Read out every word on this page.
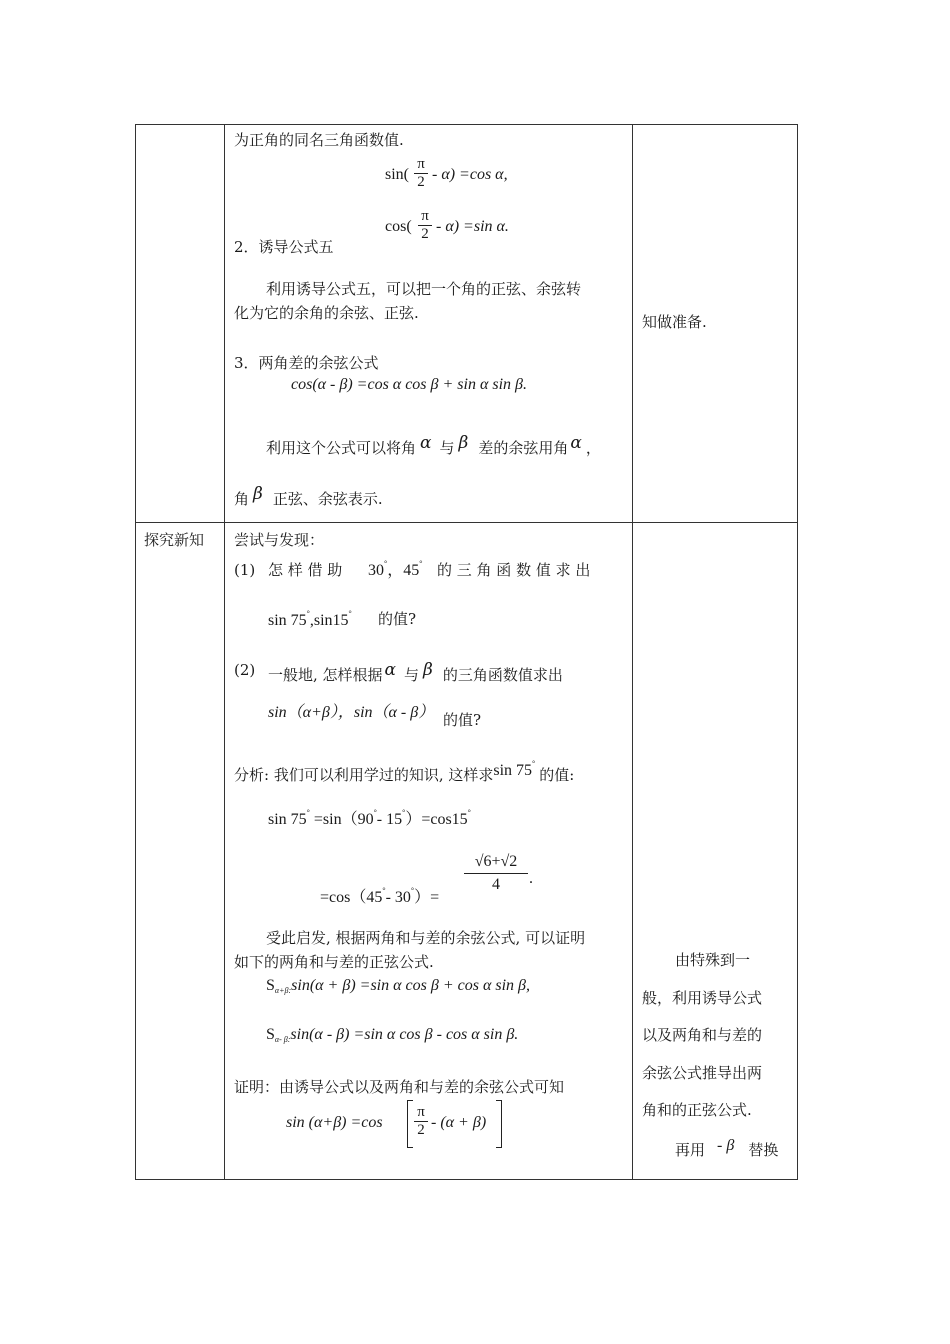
为正角的同名三角函数值.
sin(
π
2 - α) =cos α,
cos(
π
2 - α) =sin α.
2．诱导公式五
利用诱导公式五，可以把一个角的正弦、余弦转
化为它的余角的余弦、正弦.
3．两角差的余弦公式
cos(α - β) =cos α cos β + sin α sin β.
利用这个公式可以将角 α 与 β 差的余弦用角 α ，
角 β 正弦、余弦表示.
知做准备.
探究新知 尝试与发现：
(1) 怎 样 借 助 30°，45° 的 三 角 函 数 值 求 出
sin 75°,sin15° 的值?
(2) 一般地, 怎样根据 α 与 β 的三角函数值求出
sin（α+β），sin（α - β） 的值?
分析: 我们可以利用学过的知识, 这样求sin 75°的值:
sin 75° =sin（90°- 15°）=cos15°
=cos（45°- 30°）=
√6+√2
4	.
受此启发, 根据两角和与差的余弦公式, 可以证明
如下的两角和与差的正弦公式.
$S_{\alpha+\beta:}\sin(\alpha + \beta) =\sin$ α cos β + cos α sin β,
$S_{\alpha- \beta:}\sin(\alpha - \beta) =\sin$ α cos β - cos α sin β.
证明：由诱导公式以及两角和与差的余弦公式可知
sin (α+β) =cos
π
2 - (α + β)
由特殊到一
般，利用诱导公式
以及两角和与差的
余弦公式推导出两
角和的正弦公式.
再用 - β 替换
